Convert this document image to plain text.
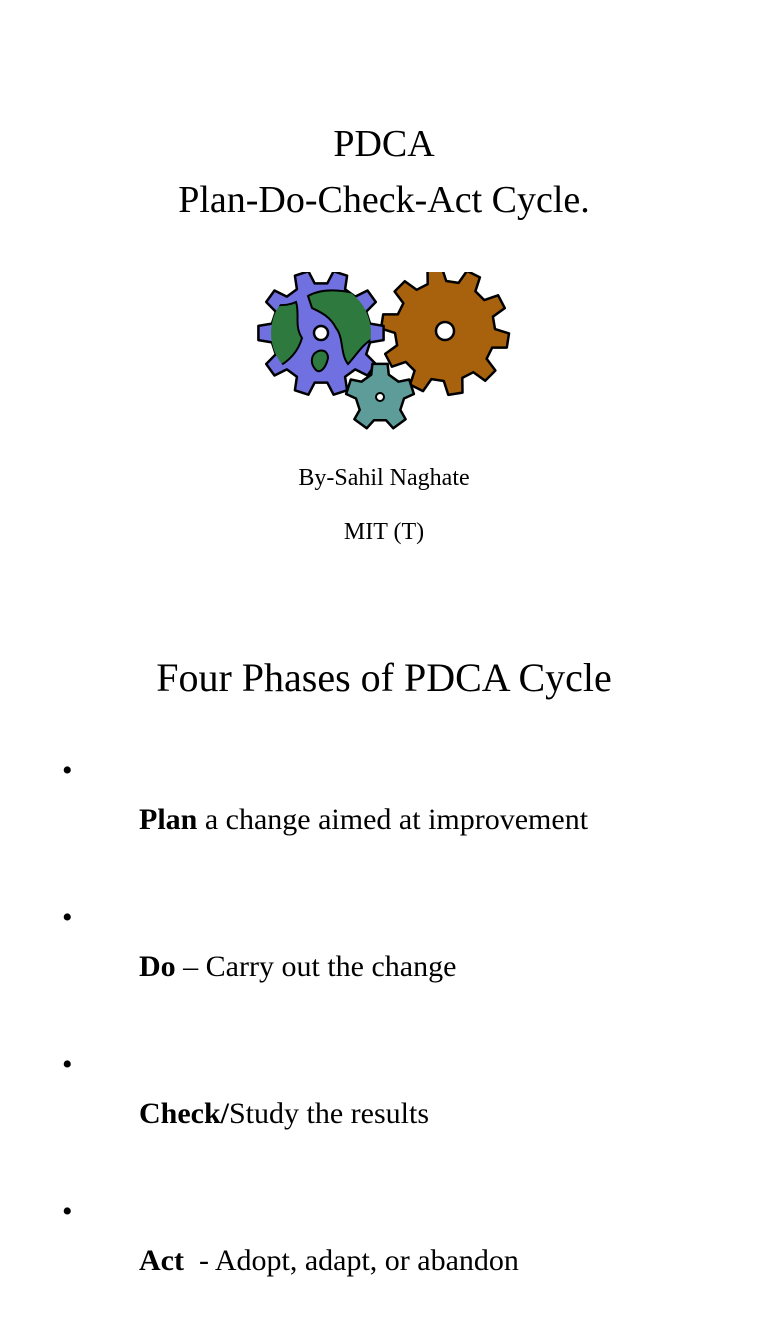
PDCA
Plan-Do-Check-Act Cycle.
By-Sahil Naghate
MIT (T)
Four Phases of PDCA Cycle

•
Plan a change aimed at improvement

•
Do – Carry out the change

•
Check/Study the results

•
Act  - Adopt, adapt, or abandon
